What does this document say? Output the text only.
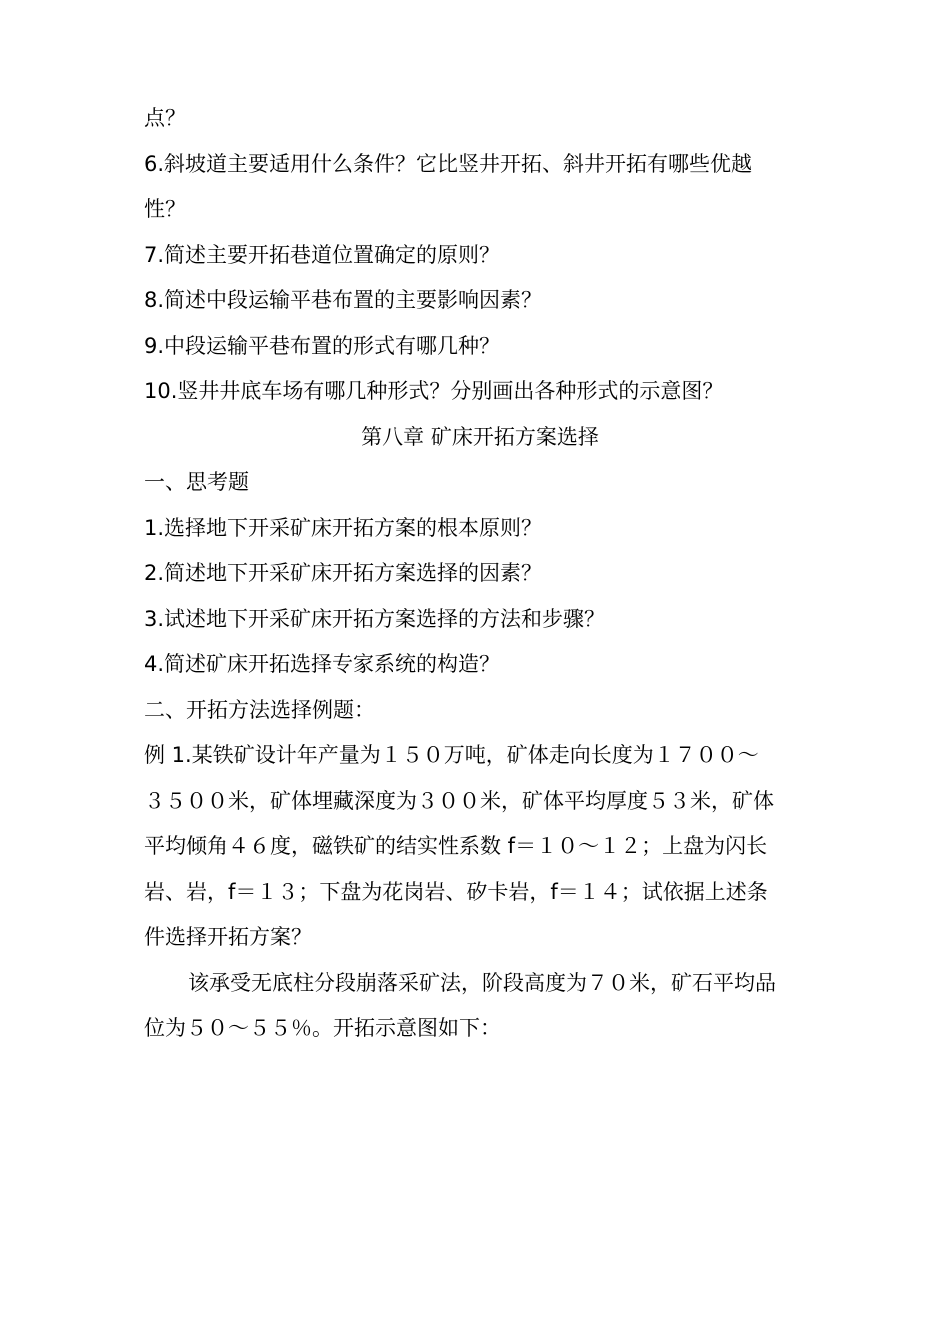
点？
6.斜坡道主要适用什么条件？它比竖井开拓、斜井开拓有哪些优越
性？
7.简述主要开拓巷道位置确定的原则？
8.简述中段运输平巷布置的主要影响因素？
9.中段运输平巷布置的形式有哪几种？
10.竖井井底车场有哪几种形式？分别画出各种形式的示意图？
第八章 矿床开拓方案选择
一、思考题
1.选择地下开采矿床开拓方案的根本原则？
2.简述地下开采矿床开拓方案选择的因素？
3.试述地下开采矿床开拓方案选择的方法和步骤？
4.简述矿床开拓选择专家系统的构造？
二、开拓方法选择例题：
例 1.某铁矿设计年产量为１５０万吨，矿体走向长度为１７００～
３５００米，矿体埋藏深度为３００米，矿体平均厚度５３米，矿体
平均倾角４６度，磁铁矿的结实性系数 f＝１０～１２；上盘为闪长
岩、岩，f＝１３；下盘为花岗岩、矽卡岩，f＝１４；试依据上述条
件选择开拓方案？
该承受无底柱分段崩落采矿法，阶段高度为７０米，矿石平均品
位为５０～５５％。开拓示意图如下：
